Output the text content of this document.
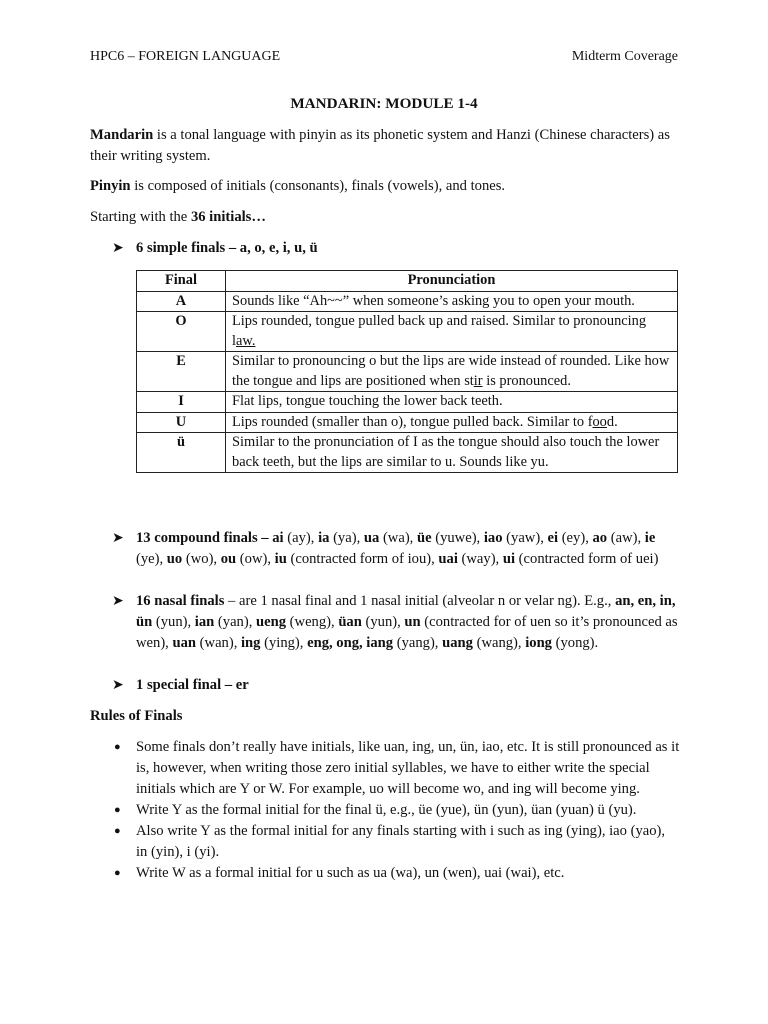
HPC6 – FOREIGN LANGUAGE	Midterm Coverage
MANDARIN: MODULE 1-4

Mandarin is a tonal language with pinyin as its phonetic system and Hanzi (Chinese characters) as their writing system.

Pinyin is composed of initials (consonants), finals (vowels), and tones.

Starting with the 36 initials…

➤ 6 simple finals – a, o, e, i, u, ü
Final	Pronunciation
A	Sounds like “Ah~~” when someone’s asking you to open your mouth.
O	Lips rounded, tongue pulled back up and raised. Similar to pronouncing law.
E	Similar to pronouncing o but the lips are wide instead of rounded. Like how the tongue and lips are positioned when stir is pronounced.
I	Flat lips, tongue touching the lower back teeth.
U	Lips rounded (smaller than o), tongue pulled back. Similar to food.
ü	Similar to the pronunciation of I as the tongue should also touch the lower back teeth, but the lips are similar to u. Sounds like yu.
➤ 13 compound finals – ai (ay), ia (ya), ua (wa), üe (yuwe), iao (yaw), ei (ey), ao (aw), ie (ye), uo (wo), ou (ow), iu (contracted form of iou), uai (way), ui (contracted form of uei)
➤ 16 nasal finals – are 1 nasal final and 1 nasal initial (alveolar n or velar ng). E.g., an, en, in, ün (yun), ian (yan), ueng (weng), üan (yun), un (contracted for of uen so it’s pronounced as wen), uan (wan), ing (ying), eng, ong, iang (yang), uang (wang), iong (yong).
➤ 1 special final – er

Rules of Finals

● Some finals don’t really have initials, like uan, ing, un, ün, iao, etc. It is still pronounced as it is, however, when writing those zero initial syllables, we have to either write the special initials which are Y or W. For example, uo will become wo, and ing will become ying.
● Write Y as the formal initial for the final ü, e.g., üe (yue), ün (yun), üan (yuan) ü (yu).
● Also write Y as the formal initial for any finals starting with i such as ing (ying), iao (yao), in (yin), i (yi).
● Write W as a formal initial for u such as ua (wa), un (wen), uai (wai), etc.
